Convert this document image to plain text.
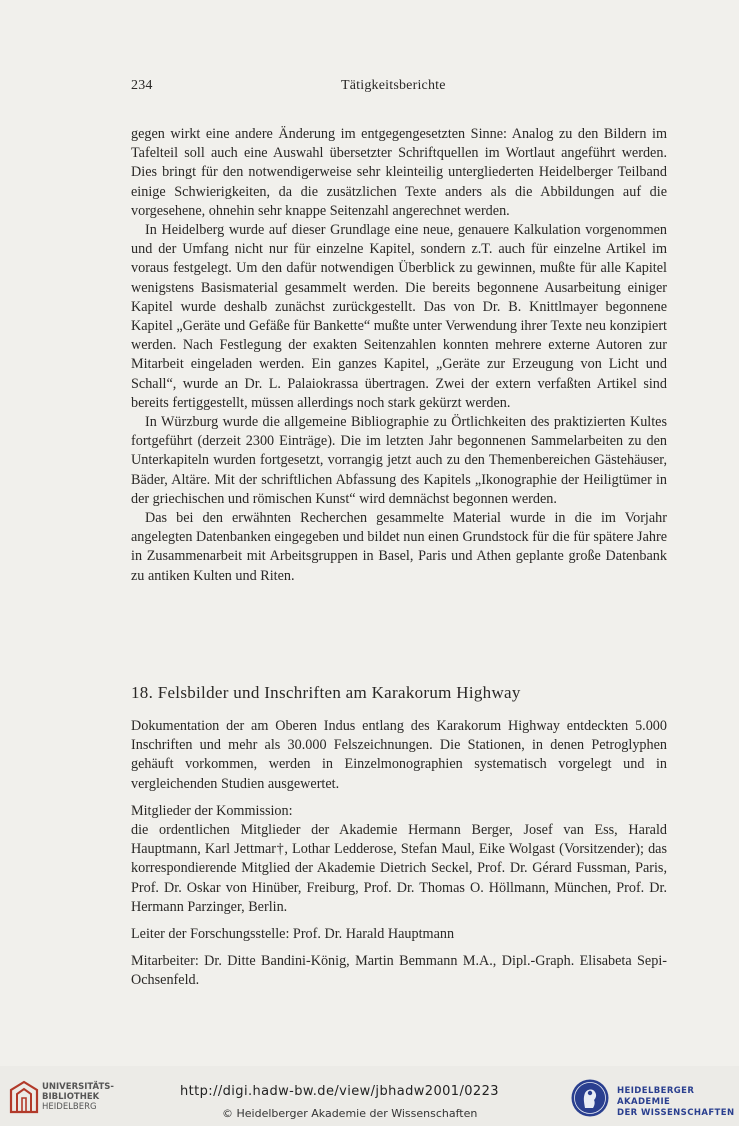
234	Tätigkeitsberichte

gegen wirkt eine andere Änderung im entgegengesetzten Sinne: Analog zu den Bildern im Tafelteil soll auch eine Auswahl übersetzter Schriftquellen im Wortlaut angeführt werden. Dies bringt für den notwendigerweise sehr kleinteilig untergliederten Heidelberger Teilband einige Schwierigkeiten, da die zusätzlichen Texte anders als die Abbildungen auf die vorgesehene, ohnehin sehr knappe Seitenzahl angerechnet werden.

In Heidelberg wurde auf dieser Grundlage eine neue, genauere Kalkulation vorgenommen und der Umfang nicht nur für einzelne Kapitel, sondern z.T. auch für einzelne Artikel im voraus festgelegt. Um den dafür notwendigen Überblick zu gewinnen, mußte für alle Kapitel wenigstens Basismaterial gesammelt werden. Die bereits begonnene Ausarbeitung einiger Kapitel wurde deshalb zunächst zurückgestellt. Das von Dr. B. Knittlmayer begonnene Kapitel „Geräte und Gefäße für Bankette“ mußte unter Verwendung ihrer Texte neu konzipiert werden. Nach Festlegung der exakten Seitenzahlen konnten mehrere externe Autoren zur Mitarbeit eingeladen werden. Ein ganzes Kapitel, „Geräte zur Erzeugung von Licht und Schall“, wurde an Dr. L. Palaiokrassa übertragen. Zwei der extern verfaßten Artikel sind bereits fertiggestellt, müssen allerdings noch stark gekürzt werden.

In Würzburg wurde die allgemeine Bibliographie zu Örtlichkeiten des praktizierten Kultes fortgeführt (derzeit 2300 Einträge). Die im letzten Jahr begonnenen Sammelarbeiten zu den Unterkapiteln wurden fortgesetzt, vorrangig jetzt auch zu den Themenbereichen Gästehäuser, Bäder, Altäre. Mit der schriftlichen Abfassung des Kapitels „Ikonographie der Heiligtümer in der griechischen und römischen Kunst“ wird demnächst begonnen werden.

Das bei den erwähnten Recherchen gesammelte Material wurde in die im Vorjahr angelegten Datenbanken eingegeben und bildet nun einen Grundstock für die für spätere Jahre in Zusammenarbeit mit Arbeitsgruppen in Basel, Paris und Athen geplante große Datenbank zu antiken Kulten und Riten.

18. Felsbilder und Inschriften am Karakorum Highway

Dokumentation der am Oberen Indus entlang des Karakorum Highway entdeckten 5.000 Inschriften und mehr als 30.000 Felszeichnungen. Die Stationen, in denen Petroglyphen gehäuft vorkommen, werden in Einzelmonographien systematisch vorgelegt und in vergleichenden Studien ausgewertet.

Mitglieder der Kommission:

die ordentlichen Mitglieder der Akademie Hermann Berger, Josef van Ess, Harald Hauptmann, Karl Jettmar†, Lothar Ledderose, Stefan Maul, Eike Wolgast (Vorsitzender); das korrespondierende Mitglied der Akademie Dietrich Seckel, Prof. Dr. Gérard Fussman, Paris, Prof. Dr. Oskar von Hinüber, Freiburg, Prof. Dr. Thomas O. Höllmann, München, Prof. Dr. Hermann Parzinger, Berlin.

Leiter der Forschungsstelle: Prof. Dr. Harald Hauptmann

Mitarbeiter: Dr. Ditte Bandini-König, Martin Bemmann M.A., Dipl.-Graph. Elisabeta Sepi-Ochsenfeld.

UNIVERSITÄTS-
BIBLIOTHEK
HEIDELBERG
http://digi.hadw-bw.de/view/jbhadw2001/0223
© Heidelberger Akademie der Wissenschaften
HEIDELBERGER AKADEMIE
DER WISSENSCHAFTEN
